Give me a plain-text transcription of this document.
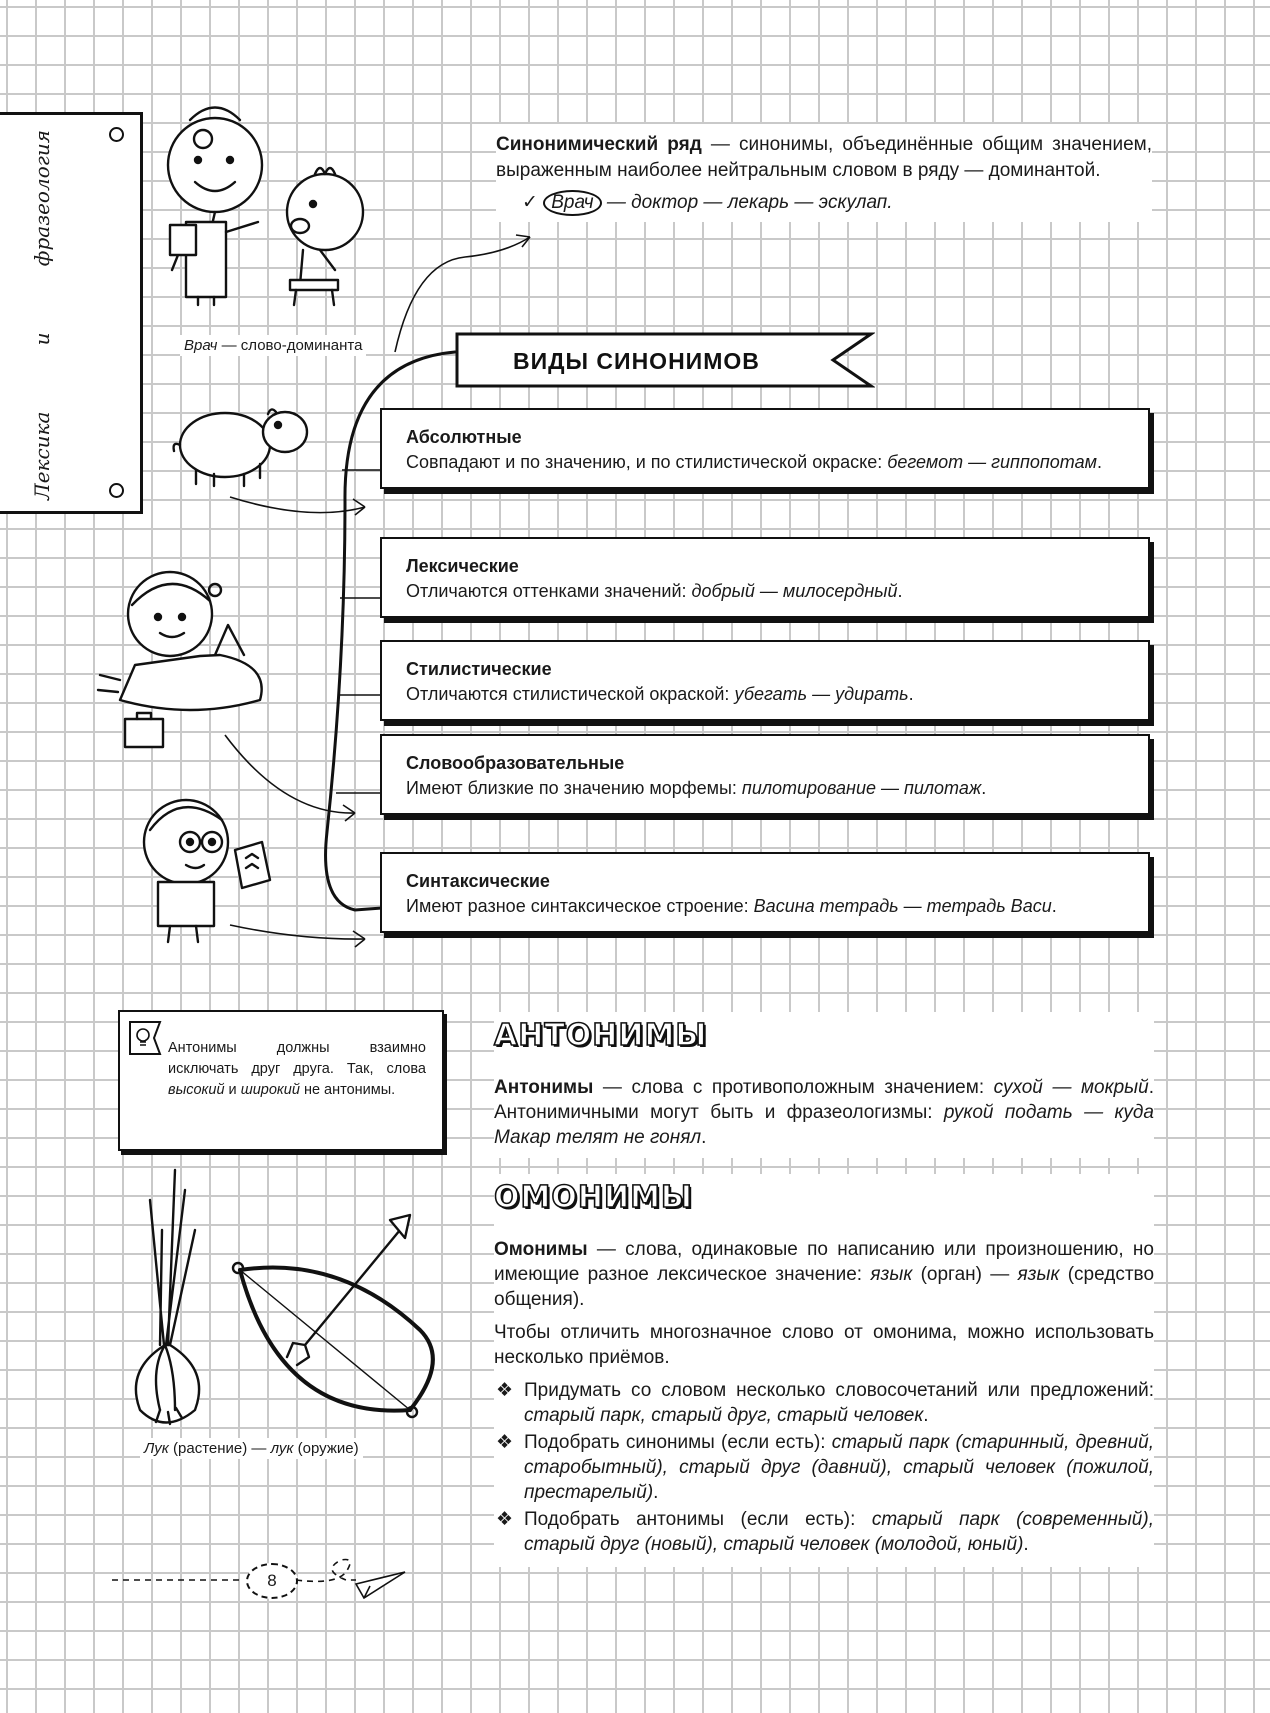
Лексика
и
фразеология	Синонимический ряд — синонимы, объединённые общим значением, выраженным наиболее нейтральным словом в ряду — доминантой.

✓ Врач — доктор — лекарь — эскулап.

Врач — слово-доминанта
ВИДЫ СИНОНИМОВ

Абсолютные

Совпадают и по значению, и по стилистической окраске: бегемот — гиппопотам.

Лексические

Отличаются оттенками значений: добрый — милосердный.

Стилистические

Отличаются стилистической окраской: убегать — удирать.

Словообразовательные

Имеют близкие по значению морфемы: пилотирование — пилотаж.

Синтаксические

Имеют разное синтаксическое строение: Васина тетрадь — тетрадь Васи.

Антонимы должны взаимно исключать друг друга. Так, слова высокий и широкий не антонимы.

Лук (растение) — лук (оружие)
АНТОНИМЫ

Антонимы — слова с противоположным значением: сухой — мокрый. Антонимичными могут быть и фразеологизмы: рукой подать — куда Макар телят не гонял.

ОМОНИМЫ

Омонимы — слова, одинаковые по написанию или произношению, но имеющие разное лексическое значение: язык (орган) — язык (средство общения).

Чтобы отличить многозначное слово от омонима, можно использовать несколько приёмов.

❖ Придумать со словом несколько словосочетаний или предложений: старый парк, старый друг, старый человек.
❖ Подобрать синонимы (если есть): старый парк (старинный, древний, старобытный), старый друг (давний), старый человек (пожилой, престарелый).
❖ Подобрать антонимы (если есть): старый парк (современный), старый друг (новый), старый человек (молодой, юный).
8
